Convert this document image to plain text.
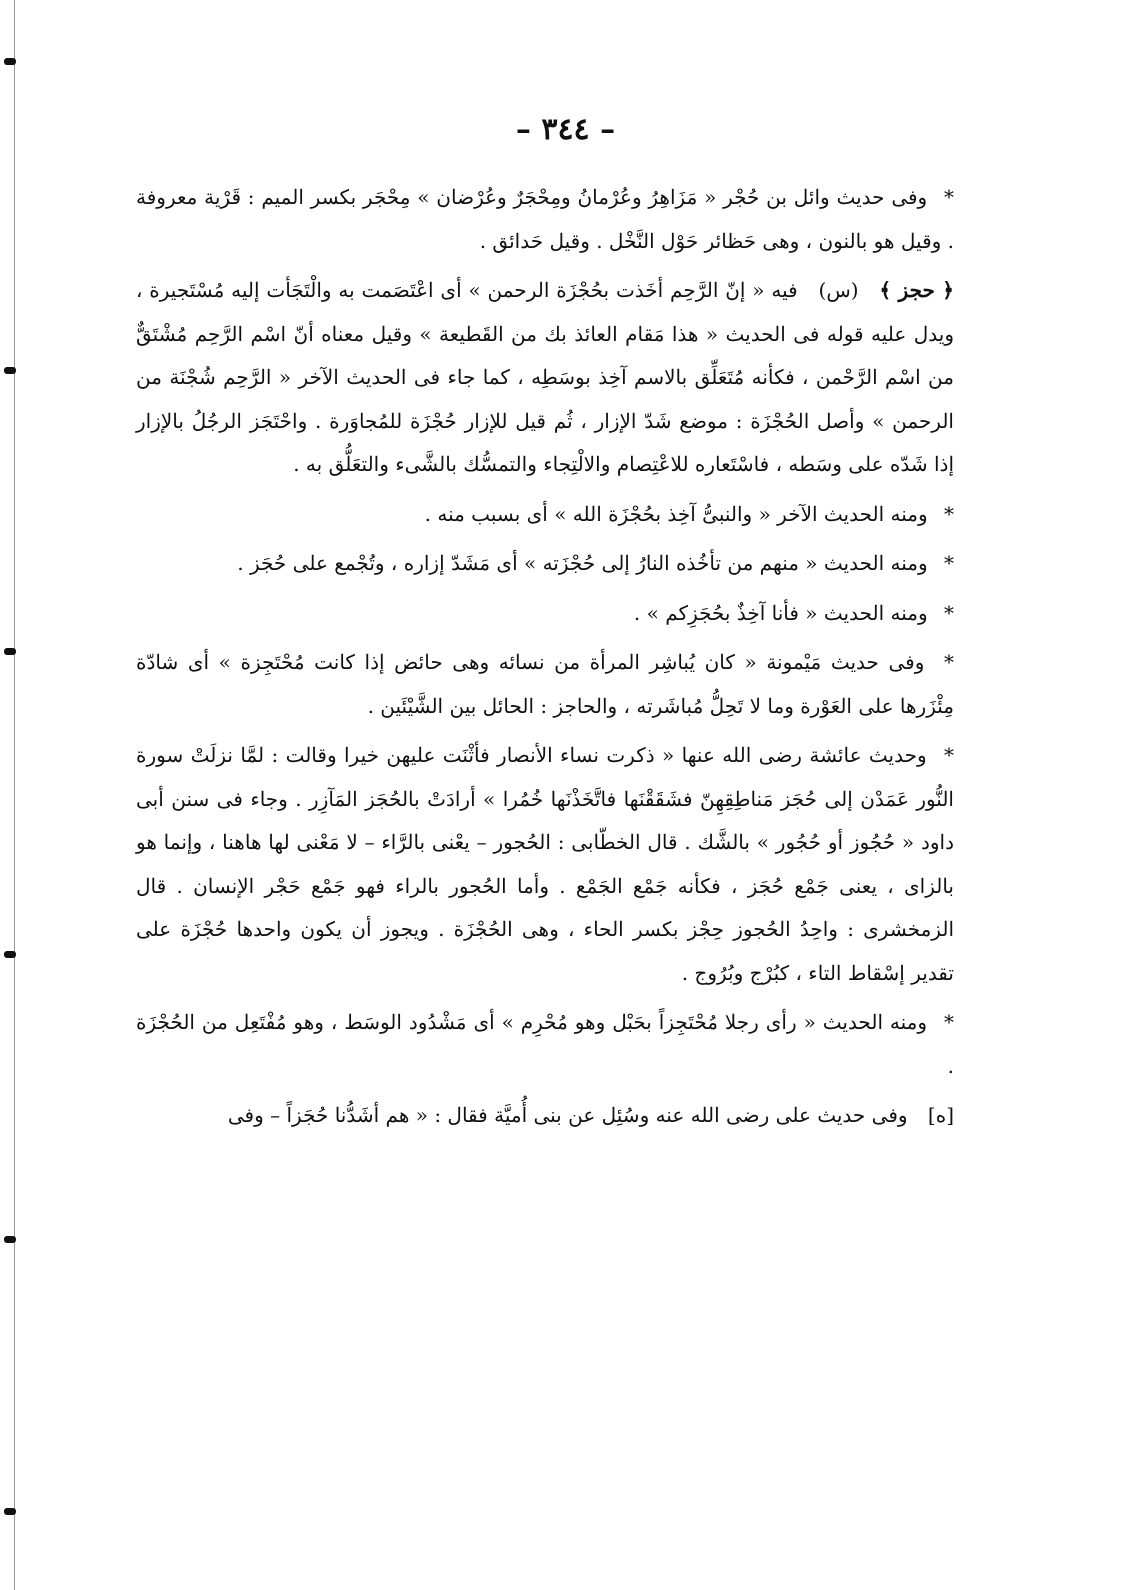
– ٣٤٤ –

* وفى حديث وائل بن حُجْر « مَزَاهِرُ وعُرْمانُ ومِحْجَرٌ وعُرْضان » مِحْجَر بكسر الميم : قَرْية معروفة . وقيل هو بالنون ، وهى حَظائر حَوْل النَّخْل . وقيل حَدائق .

﴿ حجز ﴾ (س) فيه « إنّ الرَّحِم أخَذت بحُجْزَة الرحمن » أى اعْتَصَمت به والْتَجَأت إليه مُسْتَجيرة ، ويدل عليه قوله فى الحديث « هذا مَقام العائذ بك من القَطيعة » وقيل معناه أنّ اسْم الرَّحِم مُشْتَقٌّ من اسْم الرَّحْمن ، فكأنه مُتَعَلِّق بالاسم آخِذ بوسَطِه ، كما جاء فى الحديث الآخر « الرَّحِم شُجْنَة من الرحمن » وأصل الحُجْزَة : موضع شَدّ الإزار ، ثُم قيل للإزار حُجْزَة للمُجاوَرة . واحْتَجَز الرجُلُ بالإزار إذا شَدّه على وسَطه ، فاسْتَعاره للاعْتِصام والالْتِجاء والتمسُّك بالشَّىء والتعَلُّق به .

* ومنه الحديث الآخر « والنبىُّ آخِذ بحُجْزَة الله » أى بسبب منه .

* ومنه الحديث « منهم من تأخُذه النارُ إلى حُجْزَته » أى مَشَدّ إزاره ، وتُجْمع على حُجَز .

* ومنه الحديث « فأنا آخِذٌ بحُجَزِكم » .

* وفى حديث مَيْمونة « كان يُباشِر المرأة من نسائه وهى حائض إذا كانت مُحْتَجِزة » أى شادّة مِئْزَرها على العَوْرة وما لا تَحِلُّ مُباشَرته ، والحاجز : الحائل بين الشَّيْئَين .

* وحديث عائشة رضى الله عنها « ذكرت نساء الأنصار فأثْنَت عليهن خيرا وقالت : لمَّا نزلَتْ سورة النُّور عَمَدْن إلى حُجَز مَناطِقِهِنّ فشَقَقْنَها فاتَّخَذْنَها خُمُرا » أرادَتْ بالحُجَز المَآزِر . وجاء فى سنن أبى داود « حُجُوز أو حُجُور » بالشَّك . قال الخطّابى : الحُجور – يعْنى بالرَّاء – لا مَعْنى لها هاهنا ، وإنما هو بالزاى ، يعنى جَمْع حُجَز ، فكأنه جَمْع الجَمْع . وأما الحُجور بالراء فهو جَمْع حَجْر الإنسان . قال الزمخشرى : واحِدُ الحُجوز حِجْز بكسر الحاء ، وهى الحُجْزَة . ويجوز أن يكون واحدها حُجْزَة على تقدير إسْقاط التاء ، كبُرْج وبُرُوج .

* ومنه الحديث « رأى رجلا مُحْتَجِزاً بحَبْل وهو مُحْرِم » أى مَشْدُود الوسَط ، وهو مُفْتَعِل من الحُجْزَة .

[ه] وفى حديث على رضى الله عنه وسُئِل عن بنى أُميَّة فقال : « هم أشَدُّنا حُجَزاً – وفى
